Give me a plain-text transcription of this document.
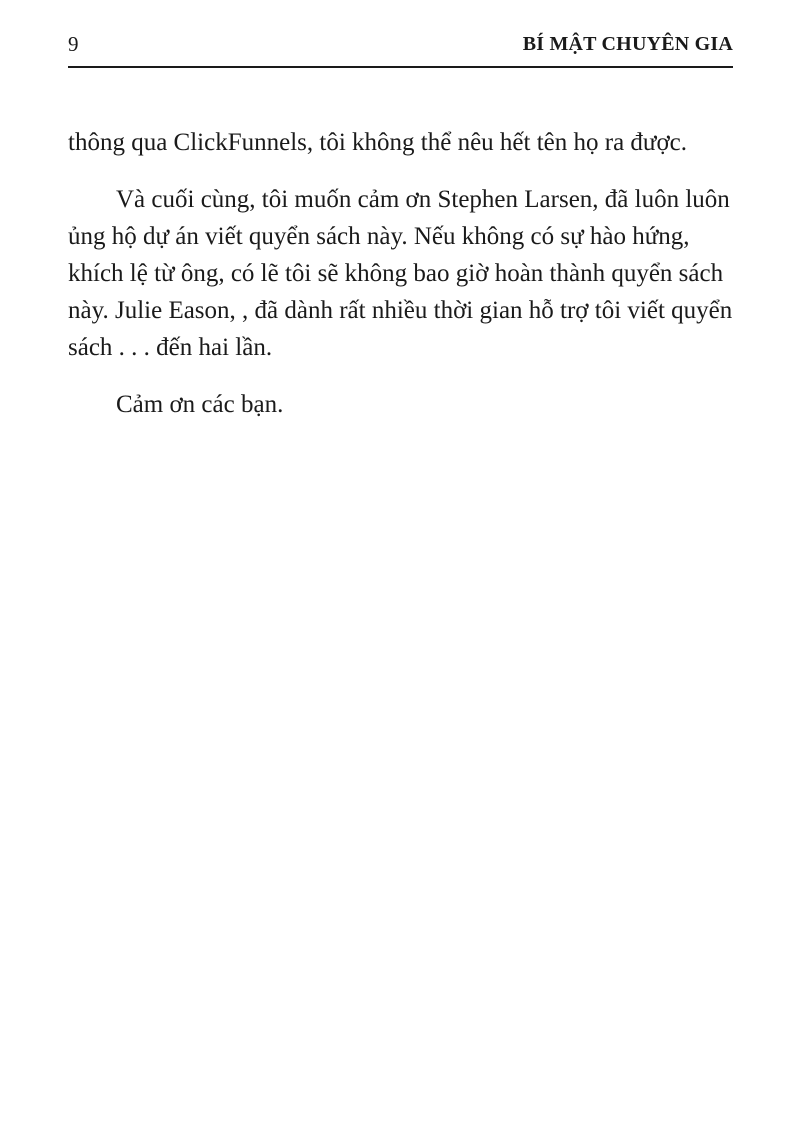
9	BÍ MẬT CHUYÊN GIA

thông qua ClickFunnels, tôi không thể nêu hết tên họ ra được.

Và cuối cùng, tôi muốn cảm ơn Stephen Larsen, đã luôn luôn ủng hộ dự án viết quyển sách này. Nếu không có sự hào hứng, khích lệ từ ông, có lẽ tôi sẽ không bao giờ hoàn thành quyển sách này. Julie Eason, , đã dành rất nhiều thời gian hỗ trợ tôi viết quyển sách . . . đến hai lần.

Cảm ơn các bạn.
